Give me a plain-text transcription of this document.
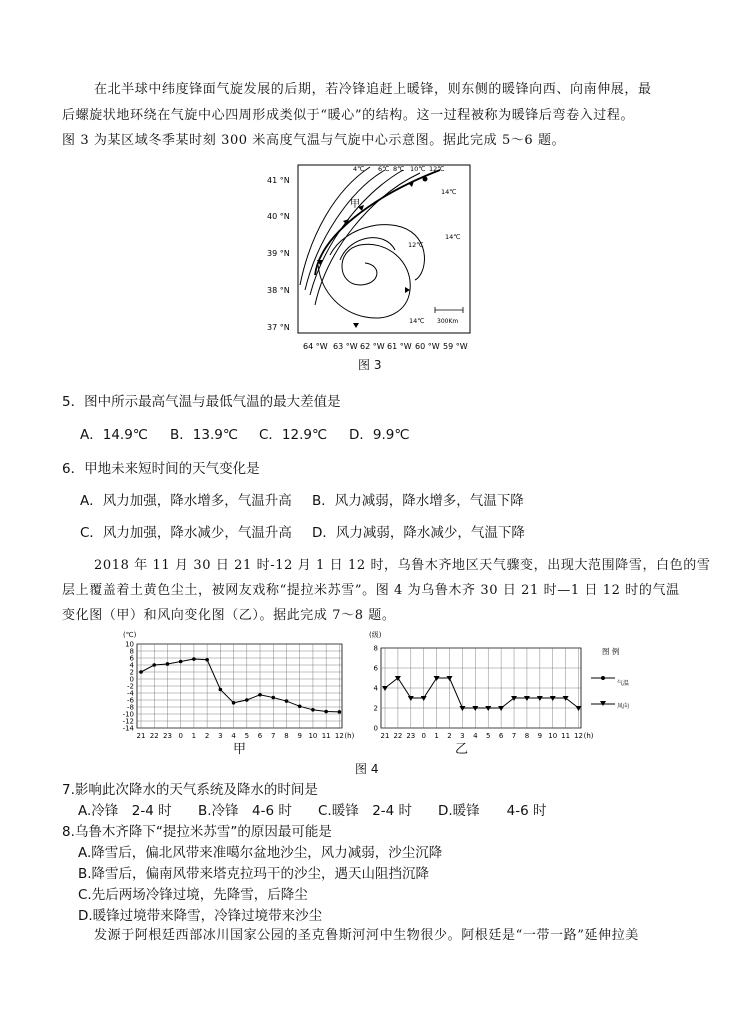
在北半球中纬度锋面气旋发展的后期，若冷锋追赶上暖锋，则东侧的暖锋向西、向南伸展，最
后螺旋状地环绕在气旋中心四周形成类似于“暖心”的结构。这一过程被称为暖锋后弯卷入过程。
图 3 为某区域冬季某时刻 300 米高度气温与气旋中心示意图。据此完成 5～6 题。
41 °N
40 °N
39 °N
38 °N
37 °N
64 °W 63 °W 62 °W 61 °W 60 °W 59 °W
4℃ 6℃ 8℃ 10℃ 12℃
14℃
14℃
12℃
14℃
甲
300Km
图 3
5．图中所示最高气温与最低气温的最大差值是
A．14.9℃ B．13.9℃ C．12.9℃ D．9.9℃
6．甲地未来短时间的天气变化是
A．风力加强，降水增多，气温升高 B．风力减弱，降水增多，气温下降
C．风力加强，降水减少，气温升高 D．风力减弱，降水减少，气温下降
2018 年 11 月 30 日 21 时-12 月 1 日 12 时，乌鲁木齐地区天气骤变，出现大范围降雪，白色的雪
层上覆盖着土黄色尘土，被网友戏称“提拉米苏雪”。图 4 为乌鲁木齐 30 日 21 时—1 日 12 时的气温
变化图（甲）和风向变化图（乙）。据此完成 7～8 题。
(℃)
10
8
6
4
2
0
-2
-4
-6
-8
-10
-12
-14
21 22 23 0 1 2 3 4 5 6 7 8 9 10 11 12 (h)
甲
(级)
8
6
4
2
0
21 22 23 0 1 2 3 4 5 6 7 8 9 10 11 12 (h)
图 例
气温
风向
乙
图 4
7.影响此次降水的天气系统及降水的时间是
A.冷锋　2-4 时 B.冷锋　4-6 时 C.暖锋　2-4 时 D.暖锋　　4-6 时
8.乌鲁木齐降下“提拉米苏雪”的原因最可能是
A.降雪后，偏北风带来准噶尔盆地沙尘，风力减弱，沙尘沉降
B.降雪后，偏南风带来塔克拉玛干的沙尘，遇天山阻挡沉降
C.先后两场冷锋过境，先降雪，后降尘
D.暖锋过境带来降雪，冷锋过境带来沙尘
发源于阿根廷西部冰川国家公园的圣克鲁斯河河中生物很少。阿根廷是“一带一路”延伸拉美
